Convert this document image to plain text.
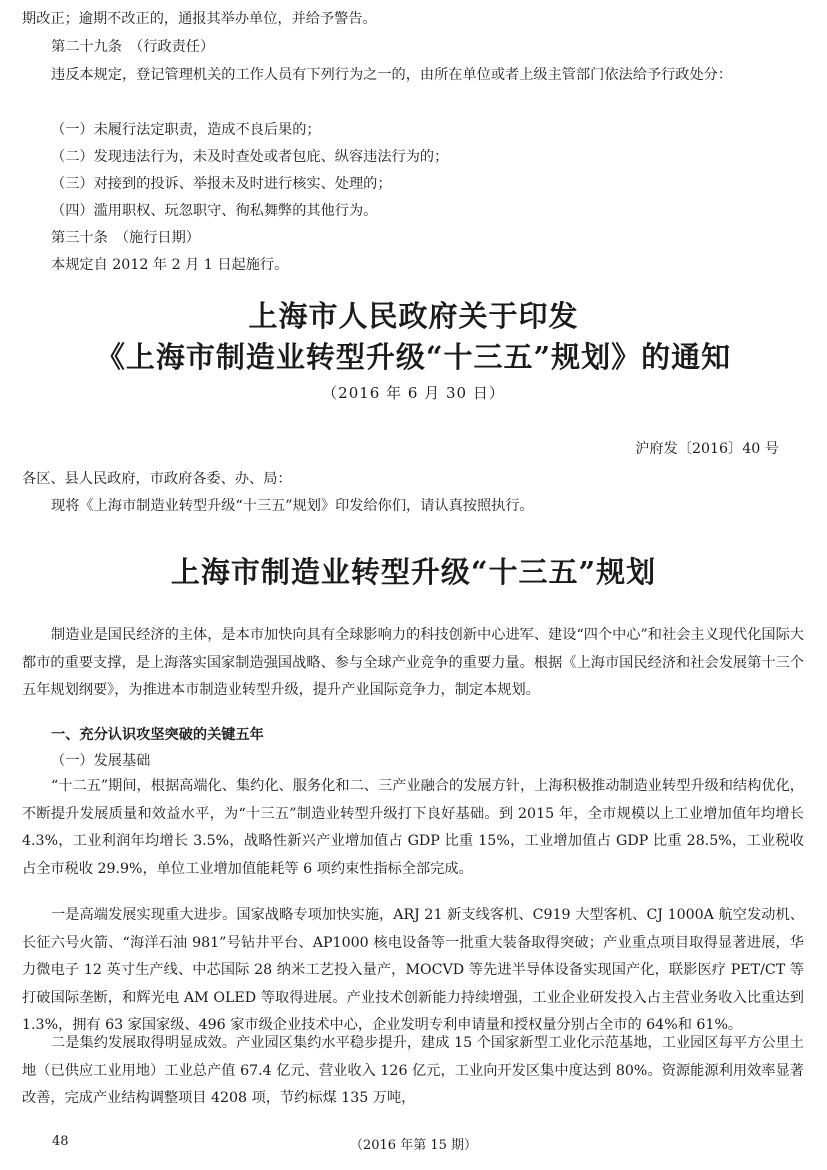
期改正；逾期不改正的，通报其举办单位，并给予警告。

第二十九条　（行政责任）

违反本规定，登记管理机关的工作人员有下列行为之一的，由所在单位或者上级主管部门依法给予行政处分：

（一）未履行法定职责，造成不良后果的；

（二）发现违法行为，未及时查处或者包庇、纵容违法行为的；

（三）对接到的投诉、举报未及时进行核实、处理的；

（四）滥用职权、玩忽职守、徇私舞弊的其他行为。

第三十条　（施行日期）

本规定自 2012 年 2 月 1 日起施行。

上海市人民政府关于印发
《上海市制造业转型升级“十三五”规划》的通知
（2016 年 6 月 30 日）
沪府发〔2016〕40 号

各区、县人民政府，市政府各委、办、局：

现将《上海市制造业转型升级“十三五”规划》印发给你们，请认真按照执行。

上海市制造业转型升级“十三五”规划

制造业是国民经济的主体，是本市加快向具有全球影响力的科技创新中心进军、建设“四个中心”和社会主义现代化国际大都市的重要支撑，是上海落实国家制造强国战略、参与全球产业竞争的重要力量。根据《上海市国民经济和社会发展第十三个五年规划纲要》，为推进本市制造业转型升级，提升产业国际竞争力，制定本规划。

一、充分认识攻坚突破的关键五年

（一）发展基础

“十二五”期间，根据高端化、集约化、服务化和二、三产业融合的发展方针，上海积极推动制造业转型升级和结构优化，不断提升发展质量和效益水平，为“十三五”制造业转型升级打下良好基础。到 2015 年，全市规模以上工业增加值年均增长 4.3%，工业利润年均增长 3.5%，战略性新兴产业增加值占 GDP 比重 15%，工业增加值占 GDP 比重 28.5%，工业税收占全市税收 29.9%，单位工业增加值能耗等 6 项约束性指标全部完成。

一是高端发展实现重大进步。国家战略专项加快实施，ARJ 21 新支线客机、C919 大型客机、CJ 1000A 航空发动机、长征六号火箭、“海洋石油 981”号钻井平台、AP1000 核电设备等一批重大装备取得突破；产业重点项目取得显著进展，华力微电子 12 英寸生产线、中芯国际 28 纳米工艺投入量产，MOCVD 等先进半导体设备实现国产化，联影医疗 PET/CT 等打破国际垄断，和辉光电 AM OLED 等取得进展。产业技术创新能力持续增强，工业企业研发投入占主营业务收入比重达到 1.3%，拥有 63 家国家级、496 家市级企业技术中心，企业发明专利申请量和授权量分别占全市的 64%和 61%。

二是集约发展取得明显成效。产业园区集约水平稳步提升，建成 15 个国家新型工业化示范基地，工业园区每平方公里土地（已供应工业用地）工业总产值 67.4 亿元、营业收入 126 亿元，工业向开发区集中度达到 80%。资源能源利用效率显著改善，完成产业结构调整项目 4208 项，节约标煤 135 万吨，

48	（2016 年第 15 期）
